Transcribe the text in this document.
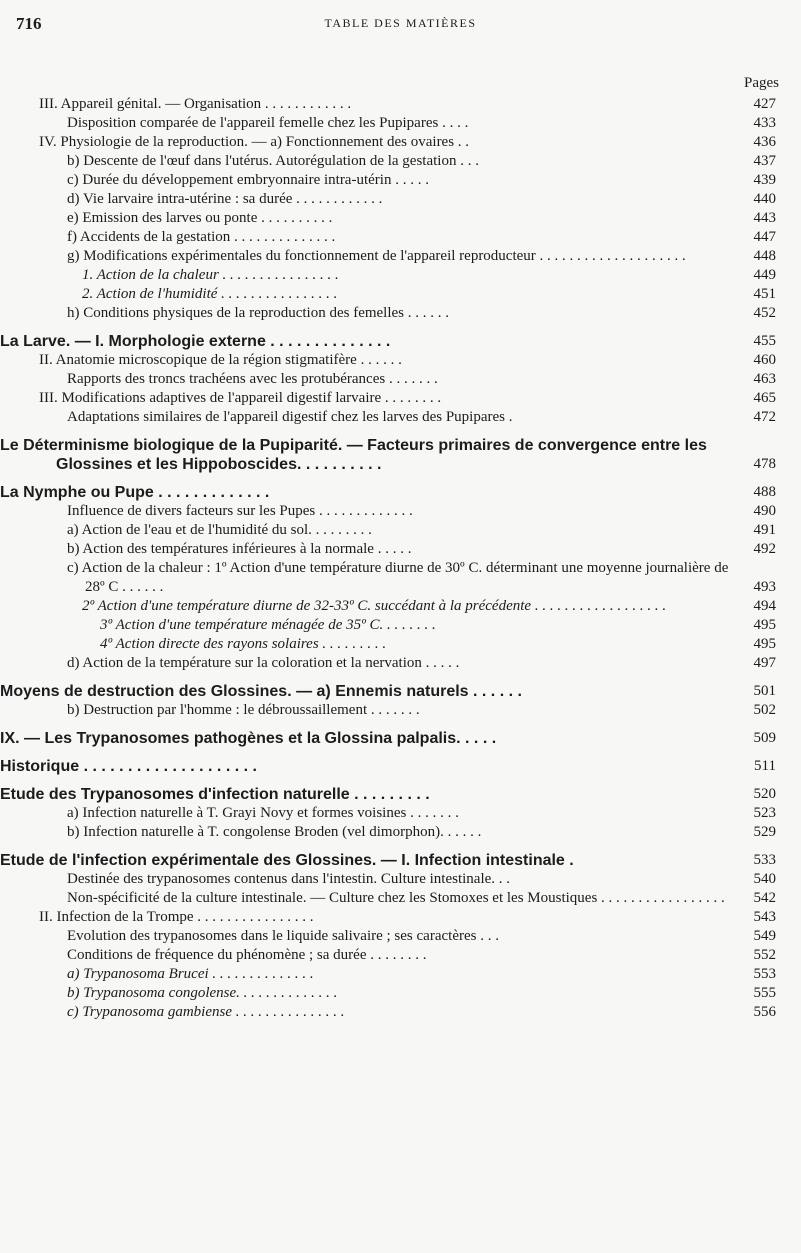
716	TABLE DES MATIÈRES
Pages
III. Appareil génital. — Organisation . . . . . . . . . . . .	427
Disposition comparée de l'appareil femelle chez les Pupipares . . . .	433
IV. Physiologie de la reproduction. — a) Fonctionnement des ovaires . .	436
b) Descente de l'œuf dans l'utérus. Autorégulation de la gestation . . .	437
c) Durée du développement embryonnaire intra-utérin . . . . .	439
d) Vie larvaire intra-utérine : sa durée . . . . . . . . . . . .	440
e) Emission des larves ou ponte . . . . . . . . . .	443
f) Accidents de la gestation . . . . . . . . . . . . . .	447
g) Modifications expérimentales du fonctionnement de l'appareil reproducteur . . . . . . . . . . . . . . . . . . . .	448
1. Action de la chaleur . . . . . . . . . . . . . . . .	449
2. Action de l'humidité . . . . . . . . . . . . . . . .	451
h) Conditions physiques de la reproduction des femelles . . . . . .	452
La Larve. — I. Morphologie externe . . . . . . . . . . . . . .	455
II. Anatomie microscopique de la région stigmatifère . . . . . .	460
Rapports des troncs trachéens avec les protubérances . . . . . . .	463
III. Modifications adaptives de l'appareil digestif larvaire . . . . . . . .	465
Adaptations similaires de l'appareil digestif chez les larves des Pupipares .	472
Le Déterminisme biologique de la Pupiparité. — Facteurs primaires de convergence entre les Glossines et les Hippoboscides. . . . . . . . . .	478
La Nymphe ou Pupe . . . . . . . . . . . . .	488
Influence de divers facteurs sur les Pupes . . . . . . . . . . . . .	490
a) Action de l'eau et de l'humidité du sol. . . . . . . . .	491
b) Action des températures inférieures à la normale . . . . .	492
c) Action de la chaleur : 1º Action d'une température diurne de 30º C. déterminant une moyenne journalière de 28º C . . . . . .	493
2º Action d'une température diurne de 32-33º C. succédant à la précédente . . . . . . . . . . . . . . . . . .	494
3º Action d'une température ménagée de 35º C. . . . . . . .	495
4º Action directe des rayons solaires . . . . . . . . .	495
d) Action de la température sur la coloration et la nervation . . . . .	497
Moyens de destruction des Glossines. — a) Ennemis naturels . . . . . .	501
b) Destruction par l'homme : le débroussaillement . . . . . . .	502
IX. — Les Trypanosomes pathogènes et la Glossina palpalis. . . . .	509
Historique . . . . . . . . . . . . . . . . . . . .	511
Etude des Trypanosomes d'infection naturelle . . . . . . . . .	520
a) Infection naturelle à T. Grayi Novy et formes voisines . . . . . . .	523
b) Infection naturelle à T. congolense Broden (vel dimorphon). . . . . .	529
Etude de l'infection expérimentale des Glossines. — I. Infection intestinale .	533
Destinée des trypanosomes contenus dans l'intestin. Culture intestinale. . .	540
Non-spécificité de la culture intestinale. — Culture chez les Stomoxes et les Moustiques . . . . . . . . . . . . . . . . .	542
II. Infection de la Trompe . . . . . . . . . . . . . . . .	543
Evolution des trypanosomes dans le liquide salivaire ; ses caractères . . .	549
Conditions de fréquence du phénomène ; sa durée . . . . . . . .	552
a) Trypanosoma Brucei . . . . . . . . . . . . . .	553
b) Trypanosoma congolense. . . . . . . . . . . . . .	555
c) Trypanosoma gambiense . . . . . . . . . . . . . . .	556
